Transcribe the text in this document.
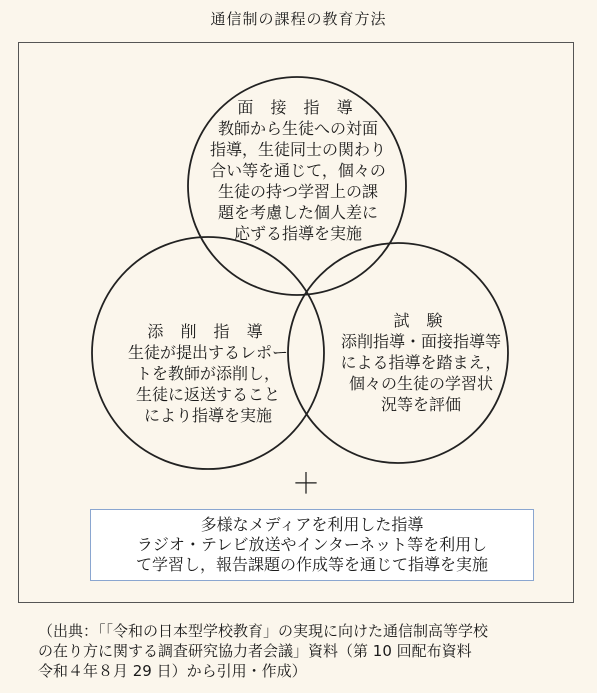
通信制の課程の教育方法
面 接 指 導
教師から生徒への対面
指導，生徒同士の関わり
合い等を通じて，個々の
生徒の持つ学習上の課
題を考慮した個人差に
応ずる指導を実施
添 削 指 導
生徒が提出するレポー
トを教師が添削し，
生徒に返送すること
により指導を実施
試 験
添削指導・面接指導等
による指導を踏まえ，
個々の生徒の学習状
況等を評価
＋
多様なメディアを利用した指導
ラジオ・テレビ放送やインターネット等を利用し
て学習し，報告課題の作成等を通じて指導を実施
（出典：「「令和の日本型学校教育」の実現に向けた通信制高等学校
の在り方に関する調査研究協力者会議」資料（第 10 回配布資料
令和４年８月 29 日）から引用・作成）
